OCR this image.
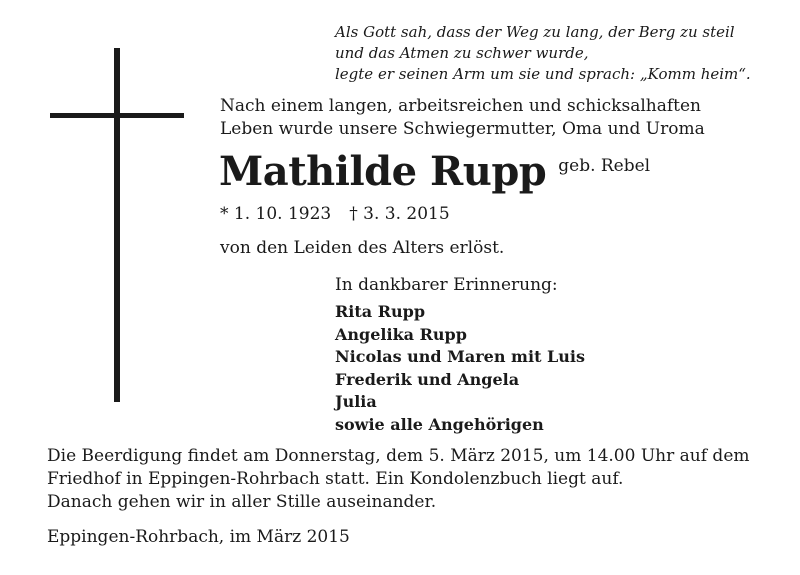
Als Gott sah, dass der Weg zu lang, der Berg zu steil
und das Atmen zu schwer wurde,
legte er seinen Arm um sie und sprach: „Komm heim“.
Nach einem langen, arbeitsreichen und schicksalhaften
Leben wurde unsere Schwiegermutter, Oma und Uroma
Mathilde Rupp geb. Rebel
* 1. 10. 1923 † 3. 3. 2015
von den Leiden des Alters erlöst.
In dankbarer Erinnerung:
Rita Rupp
Angelika Rupp
Nicolas und Maren mit Luis
Frederik und Angela
Julia
sowie alle Angehörigen
Die Beerdigung findet am Donnerstag, dem 5. März 2015, um 14.00 Uhr auf dem
Friedhof in Eppingen-Rohrbach statt. Ein Kondolenzbuch liegt auf.
Danach gehen wir in aller Stille auseinander.
Eppingen-Rohrbach, im März 2015
